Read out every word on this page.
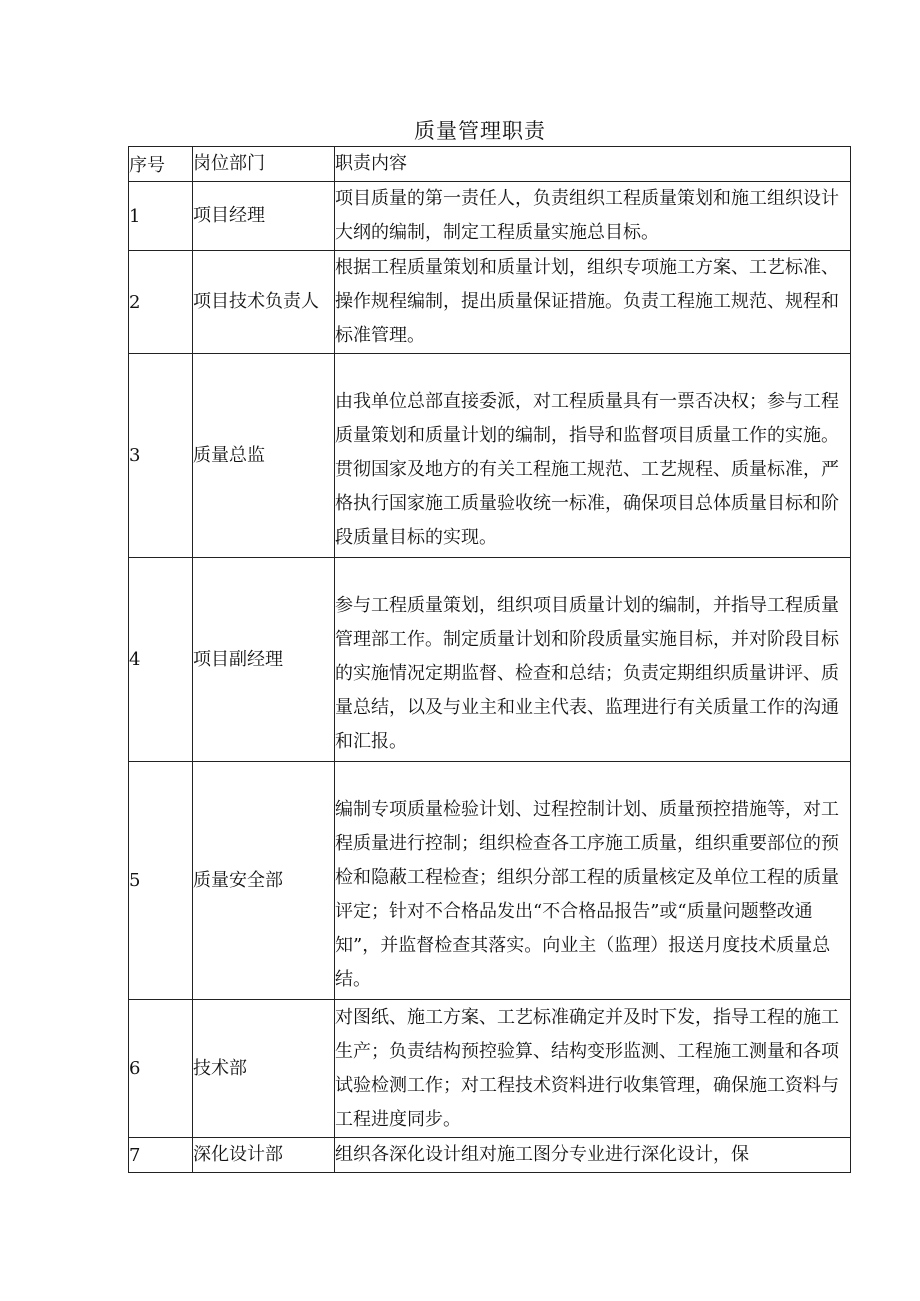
质量管理职责
序号	岗位部门	职责内容
1	项目经理	项目质量的第一责任人，负责组织工程质量策划和施工组织设计大纲的编制，制定工程质量实施总目标。
2	项目技术负责人	根据工程质量策划和质量计划，组织专项施工方案、工艺标准、操作规程编制，提出质量保证措施。负责工程施工规范、规程和标准管理。
3	质量总监	由我单位总部直接委派，对工程质量具有一票否决权；参与工程质量策划和质量计划的编制，指导和监督项目质量工作的实施。贯彻国家及地方的有关工程施工规范、工艺规程、质量标准，严格执行国家施工质量验收统一标准，确保项目总体质量目标和阶段质量目标的实现。
4	项目副经理	参与工程质量策划，组织项目质量计划的编制，并指导工程质量管理部工作。制定质量计划和阶段质量实施目标，并对阶段目标的实施情况定期监督、检查和总结；负责定期组织质量讲评、质量总结，以及与业主和业主代表、监理进行有关质量工作的沟通和汇报。
5	质量安全部	编制专项质量检验计划、过程控制计划、质量预控措施等，对工程质量进行控制；组织检查各工序施工质量，组织重要部位的预检和隐蔽工程检查；组织分部工程的质量核定及单位工程的质量评定；针对不合格品发出“不合格品报告”或“质量问题整改通知”，并监督检查其落实。向业主（监理）报送月度技术质量总结。
6	技术部	对图纸、施工方案、工艺标准确定并及时下发，指导工程的施工生产；负责结构预控验算、结构变形监测、工程施工测量和各项试验检测工作；对工程技术资料进行收集管理，确保施工资料与工程进度同步。
7	深化设计部	组织各深化设计组对施工图分专业进行深化设计，保
